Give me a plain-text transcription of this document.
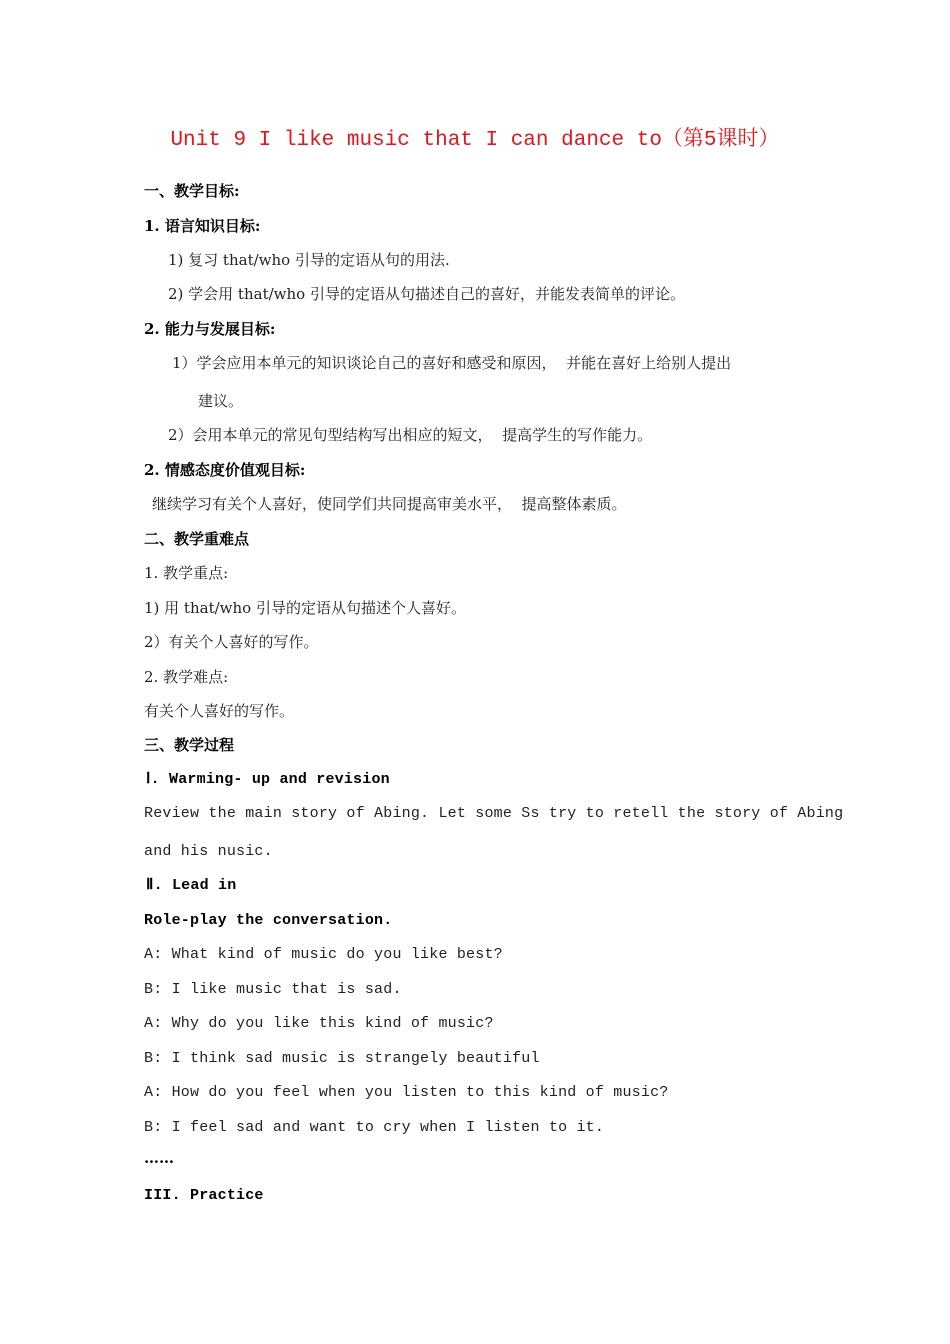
Unit 9 I like music that I can dance to（第5课时）
一、教学目标:
1. 语言知识目标:
1) 复习 that/who 引导的定语从句的用法.
2) 学会用 that/who 引导的定语从句描述自己的喜好，并能发表简单的评论。
2. 能力与发展目标:
1）学会应用本单元的知识谈论自己的喜好和感受和原因，  并能在喜好上给别人提出
建议。
2）会用本单元的常见句型结构写出相应的短文，  提高学生的写作能力。
2. 情感态度价值观目标:
继续学习有关个人喜好，使同学们共同提高审美水平，  提高整体素质。
二、教学重难点
1. 教学重点:
1) 用 that/who 引导的定语从句描述个人喜好。
2）有关个人喜好的写作。
2. 教学难点:
有关个人喜好的写作。
三、教学过程
Ⅰ. Warming- up and revision
Review the main story of Abing. Let some Ss try to retell the story of Abing
and his nusic.
Ⅱ. Lead in
Role-play the conversation.
A: What kind of music do you like best?
B: I like music that is sad.
A: Why do you like this kind of music?
B: I think sad music is strangely beautiful
A: How do you feel when you listen to this kind of music?
B: I feel sad and want to cry when I listen to it.
……
III. Practice
